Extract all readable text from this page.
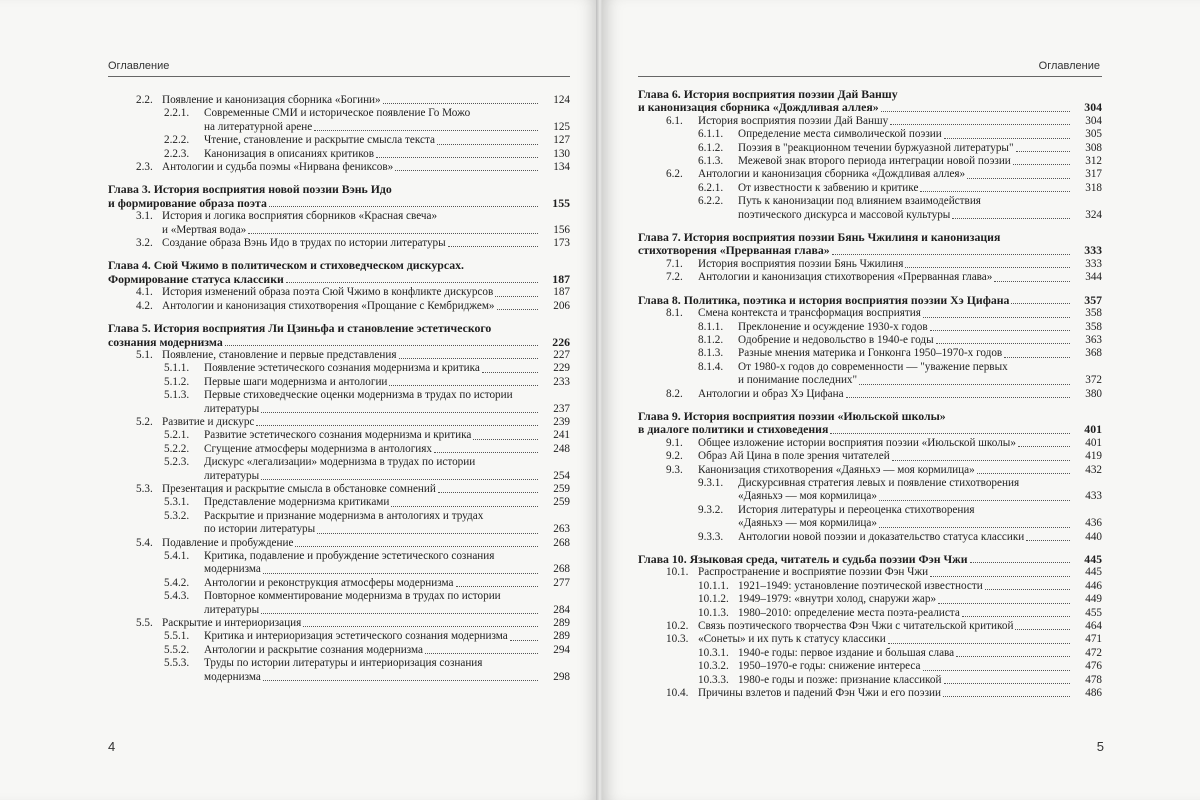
Оглавление
2.2. Появление и канонизация сборника «Богини»	124
2.2.1. Современные СМИ и историческое появление Го Можо
на литературной арене	125
2.2.2. Чтение, становление и раскрытие смысла текста	127
2.2.3. Канонизация в описаниях критиков	130
2.3. Антологии и судьба поэмы «Нирвана фениксов»	134
Глава 3. История восприятия новой поэзии Вэнь Идо
и формирование образа поэта	155
3.1. История и логика восприятия сборников «Красная свеча»
и «Мертвая вода»	156
3.2. Создание образа Вэнь Идо в трудах по истории литературы	173
Глава 4. Сюй Чжимо в политическом и стиховедческом дискурсах.
Формирование статуса классики	187
4.1. История изменений образа поэта Сюй Чжимо в конфликте дискурсов	187
4.2. Антологии и канонизация стихотворения «Прощание с Кембриджем»	206
Глава 5. История восприятия Ли Цзиньфа и становление эстетического
сознания модернизма	226
5.1. Появление, становление и первые представления	227
5.1.1. Появление эстетического сознания модернизма и критика	229
5.1.2. Первые шаги модернизма и антологии	233
5.1.3. Первые стиховедческие оценки модернизма в трудах по истории
литературы	237
5.2. Развитие и дискурс	239
5.2.1. Развитие эстетического сознания модернизма и критика	241
5.2.2. Сгущение атмосферы модернизма в антологиях	248
5.2.3. Дискурс «легализации» модернизма в трудах по истории
литературы	254
5.3. Презентация и раскрытие смысла в обстановке сомнений	259
5.3.1. Представление модернизма критиками	259
5.3.2. Раскрытие и признание модернизма в антологиях и трудах
по истории литературы	263
5.4. Подавление и пробуждение	268
5.4.1. Критика, подавление и пробуждение эстетического сознания
модернизма	268
5.4.2. Антологии и реконструкция атмосферы модернизма	277
5.4.3. Повторное комментирование модернизма в трудах по истории
литературы	284
5.5. Раскрытие и интериоризация	289
5.5.1. Критика и интериоризация эстетического сознания модернизма	289
5.5.2. Антологии и раскрытие сознания модернизма	294
5.5.3. Труды по истории литературы и интериоризация сознания
модернизма	298
4
Оглавление
Глава 6. История восприятия поэзии Дай Ваншу
и канонизация сборника «Дождливая аллея»	304
6.1. История восприятия поэзии Дай Ваншу	304
6.1.1. Определение места символической поэзии	305
6.1.2. Поэзия в "реакционном течении буржуазной литературы"	308
6.1.3. Межевой знак второго периода интеграции новой поэзии	312
6.2. Антологии и канонизация сборника «Дождливая аллея»	317
6.2.1. От известности к забвению и критике	318
6.2.2. Путь к канонизации под влиянием взаимодействия
поэтического дискурса и массовой культуры	324
Глава 7. История восприятия поэзии Бянь Чжилиня и канонизация
стихотворения «Прерванная глава»	333
7.1. История восприятия поэзии Бянь Чжилиня	333
7.2. Антологии и канонизация стихотворения «Прерванная глава»	344
Глава 8. Политика, поэтика и история восприятия поэзии Хэ Цифана	357
8.1. Смена контекста и трансформация восприятия	358
8.1.1. Преклонение и осуждение 1930-х годов	358
8.1.2. Одобрение и недовольство в 1940-е годы	363
8.1.3. Разные мнения материка и Гонконга 1950–1970-х годов	368
8.1.4. От 1980-х годов до современности — "уважение первых
и понимание последних"	372
8.2. Антологии и образ Хэ Цифана	380
Глава 9. История восприятия поэзии «Июльской школы»
в диалоге политики и стиховедения	401
9.1. Общее изложение истории восприятия поэзии «Июльской школы»	401
9.2. Образ Ай Цина в поле зрения читателей	419
9.3. Канонизация стихотворения «Даяньхэ — моя кормилица»	432
9.3.1. Дискурсивная стратегия левых и появление стихотворения
«Даяньхэ — моя кормилица»	433
9.3.2. История литературы и переоценка стихотворения
«Даяньхэ — моя кормилица»	436
9.3.3. Антологии новой поэзии и доказательство статуса классики	440
Глава 10. Языковая среда, читатель и судьба поэзии Фэн Чжи	445
10.1. Распространение и восприятие поэзии Фэн Чжи	445
10.1.1. 1921–1949: установление поэтической известности	446
10.1.2. 1949–1979: «внутри холод, снаружи жар»	449
10.1.3. 1980–2010: определение места поэта-реалиста	455
10.2. Связь поэтического творчества Фэн Чжи с читательской критикой	464
10.3. «Сонеты» и их путь к статусу классики	471
10.3.1. 1940-е годы: первое издание и большая слава	472
10.3.2. 1950–1970-е годы: снижение интереса	476
10.3.3. 1980-е годы и позже: признание классикой	478
10.4. Причины взлетов и падений Фэн Чжи и его поэзии	486
5
